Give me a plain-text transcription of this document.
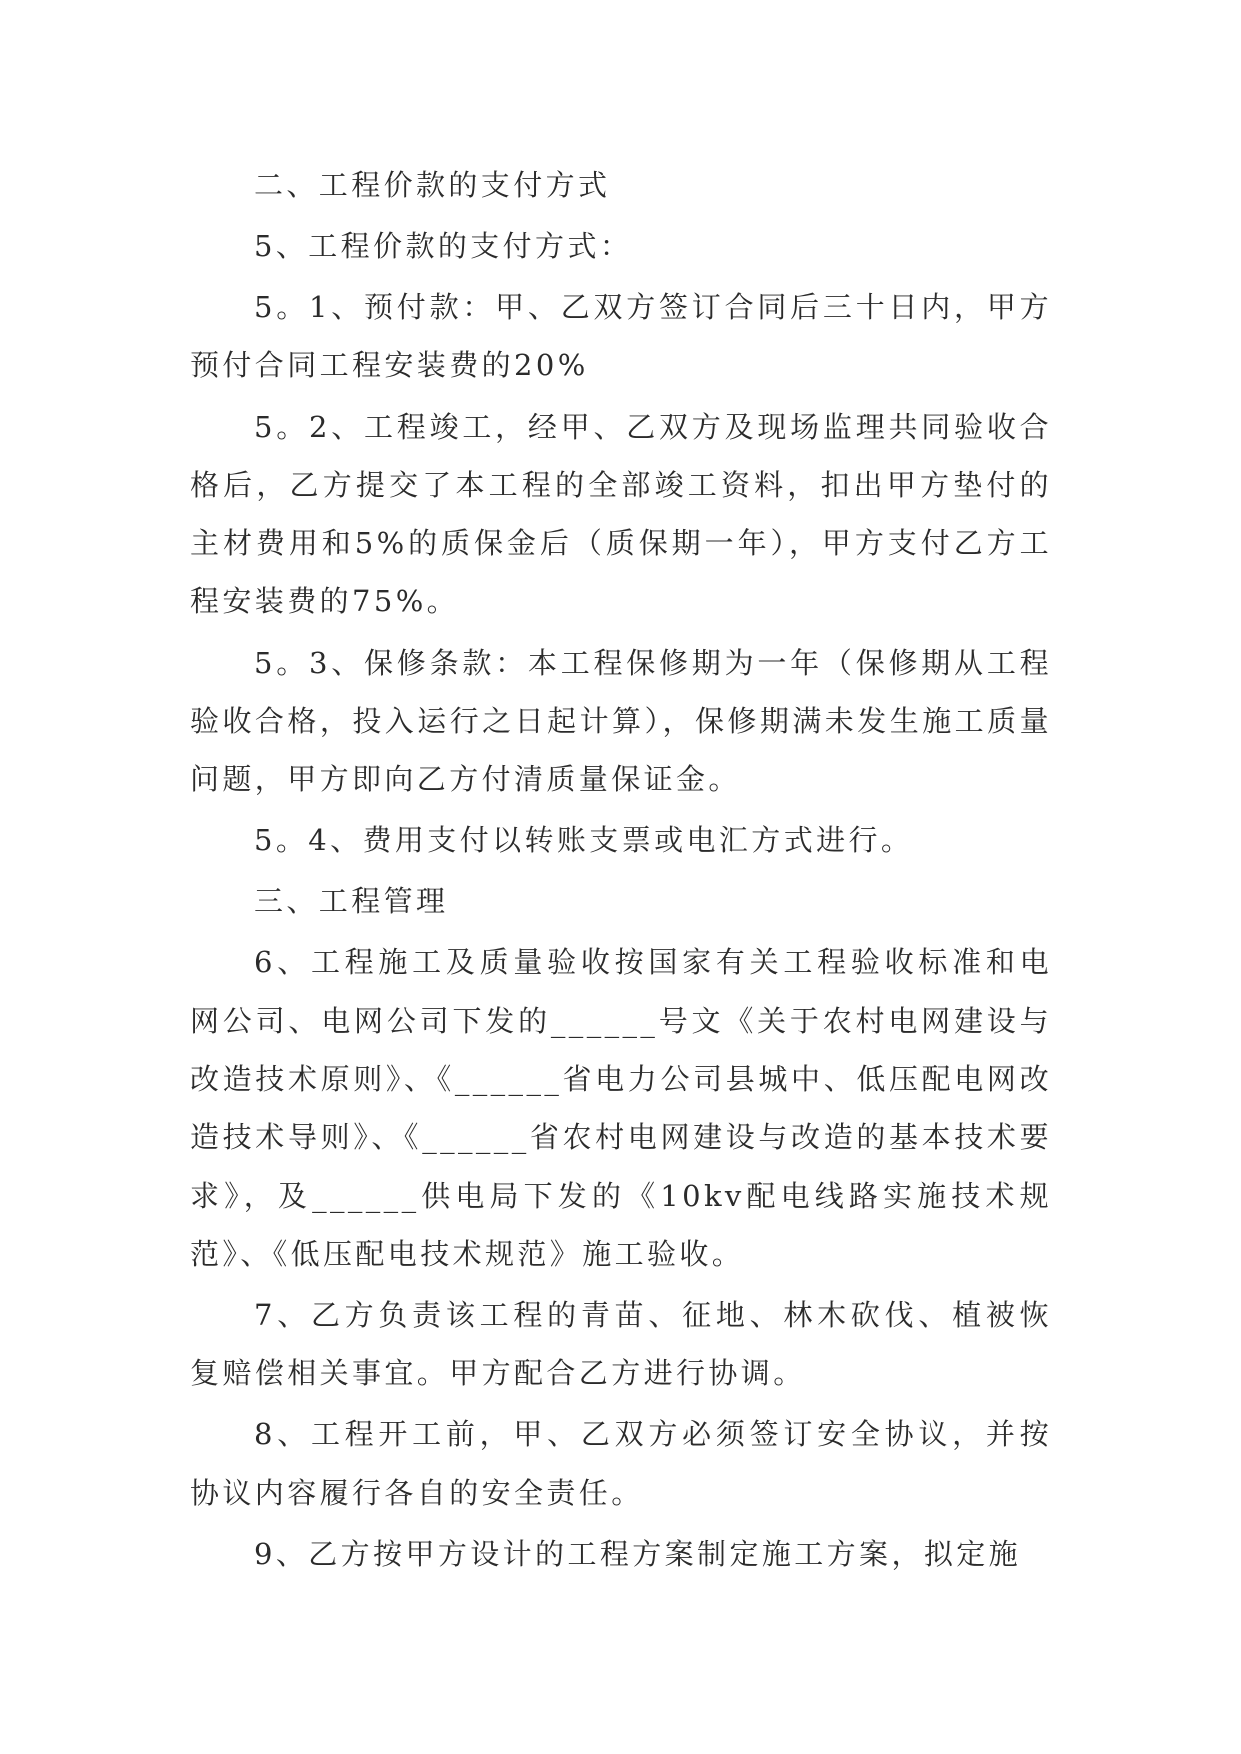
二、工程价款的支付方式

5、工程价款的支付方式：

5。1、预付款：甲、乙双方签订合同后三十日内，甲方预付合同工程安装费的20%

5。2、工程竣工，经甲、乙双方及现场监理共同验收合格后，乙方提交了本工程的全部竣工资料，扣出甲方垫付的主材费用和5%的质保金后（质保期一年），甲方支付乙方工程安装费的75%。

5。3、保修条款：本工程保修期为一年（保修期从工程验收合格，投入运行之日起计算），保修期满未发生施工质量问题，甲方即向乙方付清质量保证金。

5。4、费用支付以转账支票或电汇方式进行。

三、工程管理

6、工程施工及质量验收按国家有关工程验收标准和电网公司、电网公司下发的______号文《关于农村电网建设与改造技术原则》、《______省电力公司县城中、低压配电网改造技术导则》、《______省农村电网建设与改造的基本技术要求》，及______供电局下发的《10kv配电线路实施技术规范》、《低压配电技术规范》施工验收。

7、乙方负责该工程的青苗、征地、林木砍伐、植被恢复赔偿相关事宜。甲方配合乙方进行协调。

8、工程开工前，甲、乙双方必须签订安全协议，并按协议内容履行各自的安全责任。

9、乙方按甲方设计的工程方案制定施工方案，拟定施
